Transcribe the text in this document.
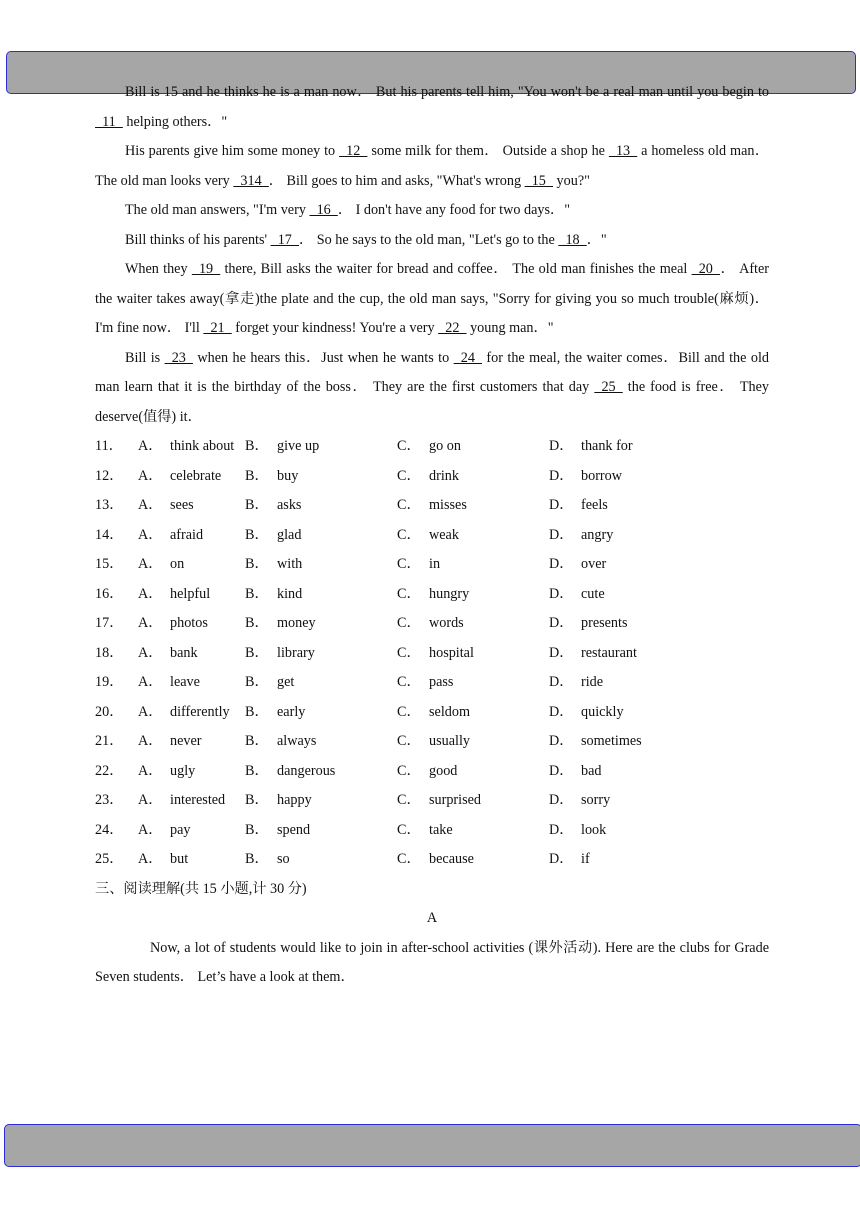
Bill is 15 and he thinks he is a man now． But his parents tell him, "You won't be a real man until you begin to   11   helping others．"

His parents give him some money to   12   some milk for them． Outside a shop he   13   a homeless old man． The old man looks very   314  ． Bill goes to him and asks, "What's wrong   15   you?"

The old man answers, "I'm very   16  ． I don't have any food for two days．"

Bill thinks of his parents'   17  ． So he says to the old man, "Let's go to the   18  ．"

When they   19   there, Bill asks the waiter for bread and coffee． The old man finishes the meal   20  ． After the waiter takes away(拿走)the plate and the cup, the old man says, "Sorry for giving you so much trouble(麻烦)． I'm fine now． I'll   21   forget your kindness! You're a very   22   young man．"

Bill is   23   when he hears this．Just when he wants to   24   for the meal, the waiter comes．Bill and the old man learn that it is the birthday of the boss． They are the first customers that day   25   the food is free． They deserve(值得) it．

11．	A． think about B． give up	C． go on	D． thank for
12．	A． celebrate	B． buy	C． drink	D． borrow
13．	A． sees	B． asks	C． misses	D． feels
14．	A． afraid	B． glad	C． weak	D． angry
15．	A． on	B． with	C． in	D． over
16．	A． helpful	B． kind	C． hungry	D． cute
17．	A． photos	B． money	C． words	D． presents
18．	A． bank	B． library	C． hospital	D． restaurant
19．	A． leave	B． get	C． pass	D． ride
20．	A． differently	B． early	C． seldom	D． quickly
21．	A． never	B． always	C． usually	D． sometimes
22．	A． ugly	B． dangerous	C． good	D． bad
23．	A． interested	B． happy	C． surprised	D． sorry
24．	A． pay	B． spend	C． take	D． look
25．	A． but	B． so	C． because	D． if

三、阅读理解(共 15 小题,计 30 分)

A

Now, a lot of students would like to join in after-school activities (课外活动). Here are the clubs for Grade Seven students． Let’s have a look at them．
